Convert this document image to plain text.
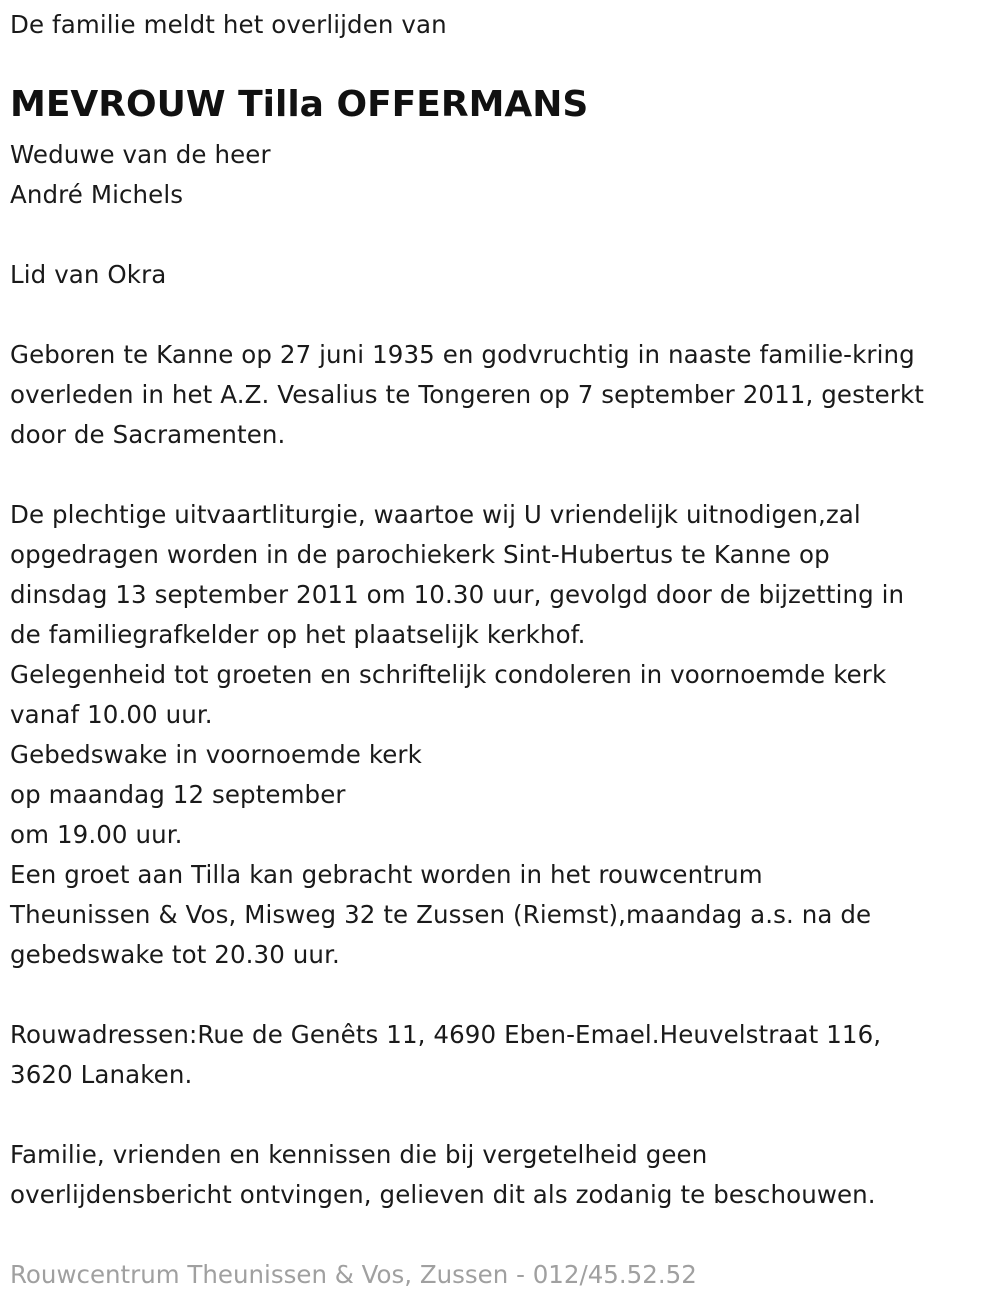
De familie meldt het overlijden van
MEVROUW Tilla OFFERMANS
Weduwe van de heer
André Michels
Lid van Okra
Geboren te Kanne op 27 juni 1935 en godvruchtig in naaste familie-kring
overleden in het A.Z. Vesalius te Tongeren op 7 september 2011, gesterkt
door de Sacramenten.
De plechtige uitvaartliturgie, waartoe wij U vriendelijk uitnodigen,zal
opgedragen worden in de parochiekerk Sint-Hubertus te Kanne op
dinsdag 13 september 2011 om 10.30 uur, gevolgd door de bijzetting in
de familiegrafkelder op het plaatselijk kerkhof.
Gelegenheid tot groeten en schriftelijk condoleren in voornoemde kerk
vanaf 10.00 uur.
Gebedswake in voornoemde kerk
op maandag 12 september
om 19.00 uur.
Een groet aan Tilla kan gebracht worden in het rouwcentrum
Theunissen & Vos, Misweg 32 te Zussen (Riemst),maandag a.s. na de
gebedswake tot 20.30 uur.
Rouwadressen:Rue de Genêts 11, 4690 Eben-Emael.Heuvelstraat 116,
3620 Lanaken.
Familie, vrienden en kennissen die bij vergetelheid geen
overlijdensbericht ontvingen, gelieven dit als zodanig te beschouwen.
Rouwcentrum Theunissen & Vos, Zussen - 012/45.52.52
